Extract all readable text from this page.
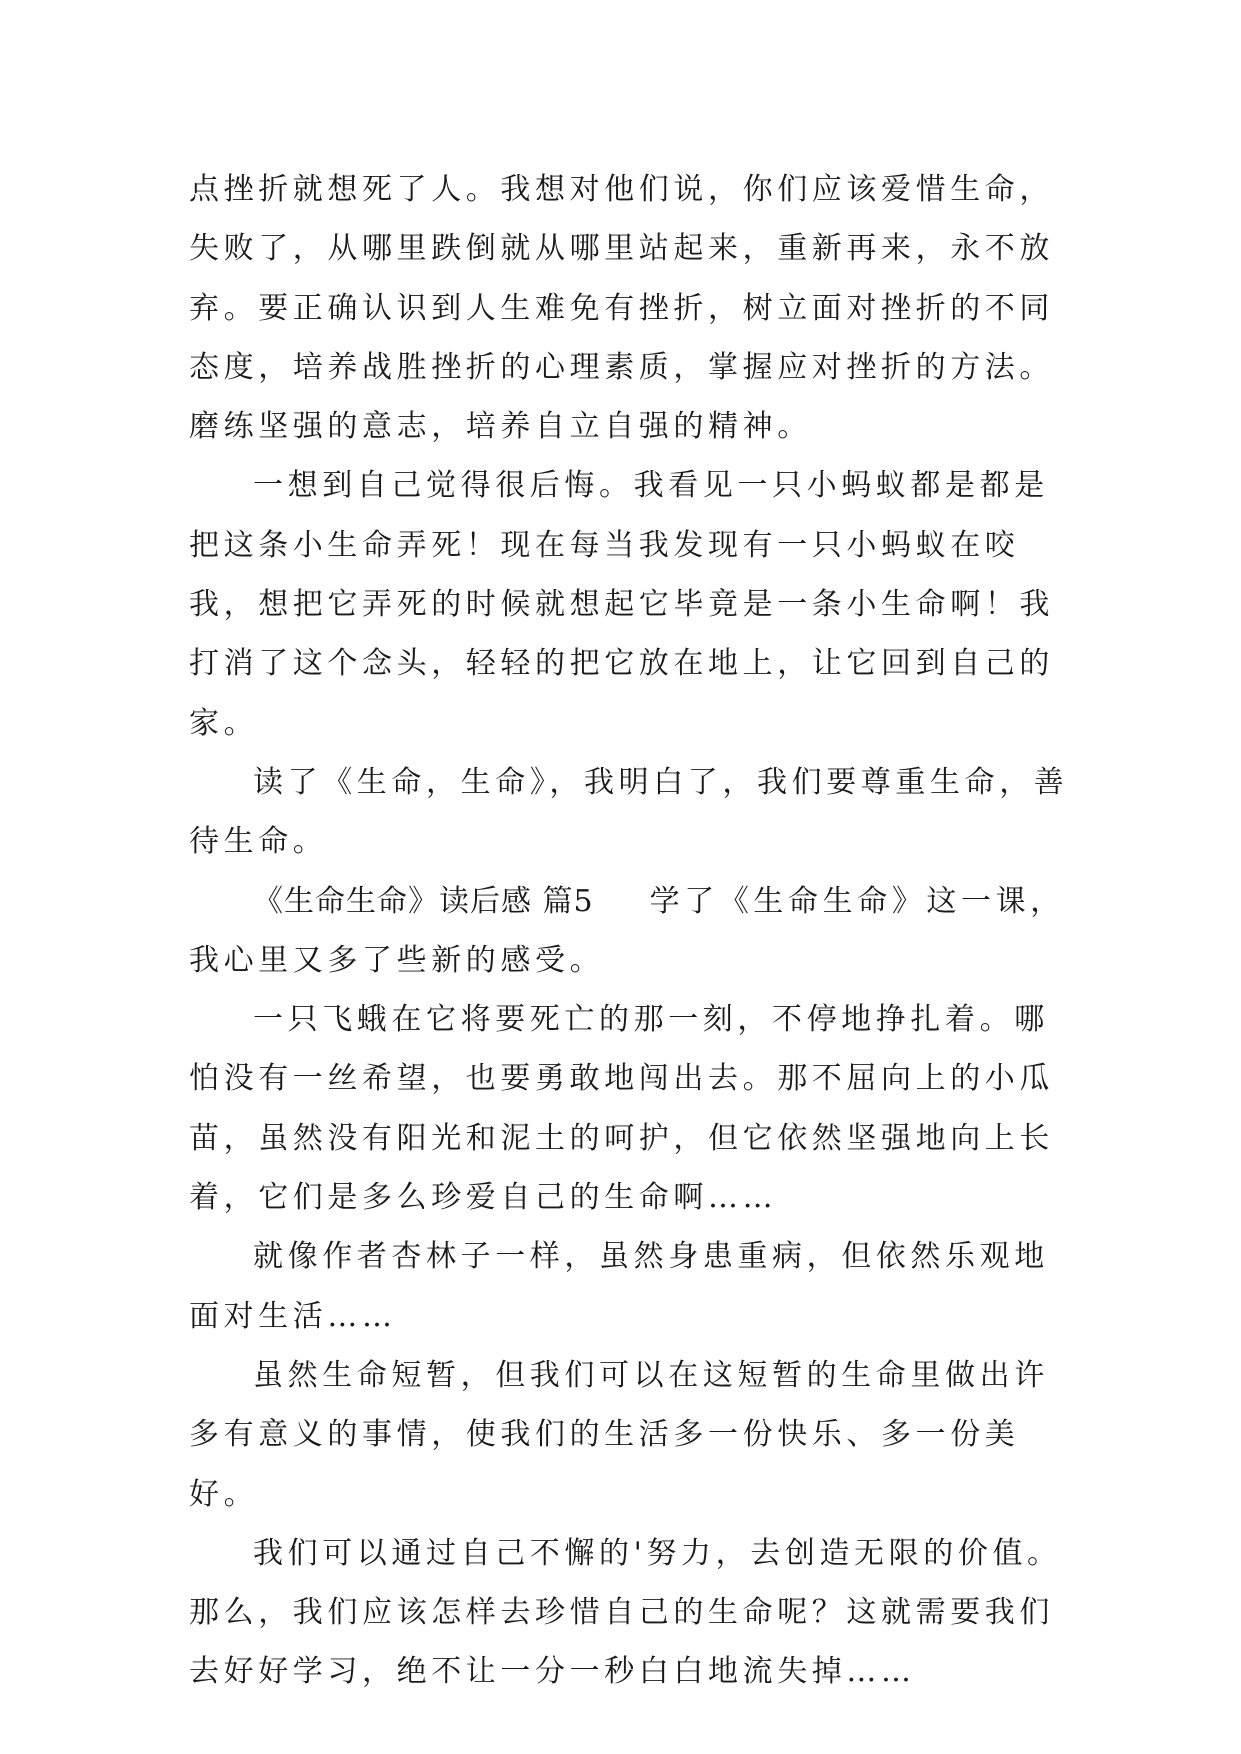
点挫折就想死了人。我想对他们说，你们应该爱惜生命，失败了，从哪里跌倒就从哪里站起来，重新再来，永不放弃。要正确认识到人生难免有挫折，树立面对挫折的不同态度，培养战胜挫折的心理素质，掌握应对挫折的方法。磨练坚强的意志，培养自立自强的精神。

一想到自己觉得很后悔。我看见一只小蚂蚁都是都是把这条小生命弄死！现在每当我发现有一只小蚂蚁在咬我，想把它弄死的时候就想起它毕竟是一条小生命啊！我打消了这个念头，轻轻的把它放在地上，让它回到自己的家。

读了《生命，生命》，我明白了，我们要尊重生命，善待生命。

《生命生命》读后感 篇5 学了《生命生命》这一课，我心里又多了些新的感受。

一只飞蛾在它将要死亡的那一刻，不停地挣扎着。哪怕没有一丝希望，也要勇敢地闯出去。那不屈向上的小瓜苗，虽然没有阳光和泥土的呵护，但它依然坚强地向上长着，它们是多么珍爱自己的生命啊……

就像作者杏林子一样，虽然身患重病，但依然乐观地面对生活……

虽然生命短暂，但我们可以在这短暂的生命里做出许多有意义的事情，使我们的生活多一份快乐、多一份美好。

我们可以通过自己不懈的'努力，去创造无限的价值。那么，我们应该怎样去珍惜自己的生命呢？这就需要我们去好好学习，绝不让一分一秒白白地流失掉……
